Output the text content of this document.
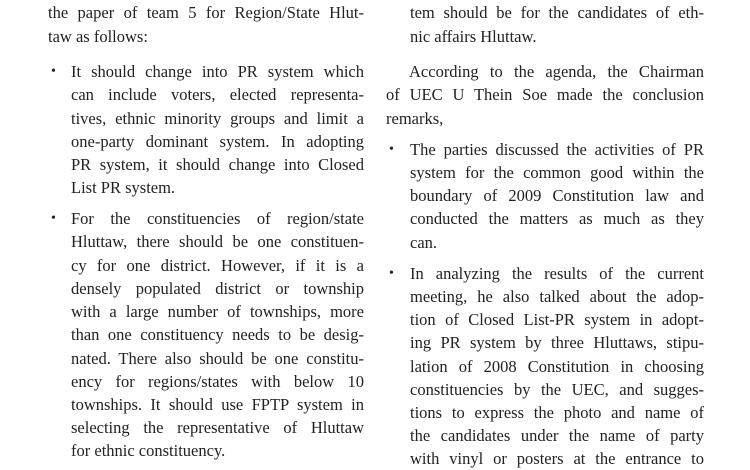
the paper of team 5 for Region/State Hlut-
taw as follows:
• It should change into PR system which
can include voters, elected representa-
tives, ethnic minority groups and limit a
one-party dominant system. In adopting
PR system, it should change into Closed
List PR system.
• For the constituencies of region/state
Hluttaw, there should be one constituen-
cy for one district. However, if it is a
densely populated district or township
with a large number of townships, more
than one constituency needs to be desig-
nated. There also should be one constitu-
ency for regions/states with below 10
townships. It should use FPTP system in
selecting the representative of Hluttaw
for ethnic constituency.
tem should be for the candidates of eth-
nic affairs Hluttaw.
According to the agenda, the Chairman
of UEC U Thein Soe made the conclusion
remarks,
• The parties discussed the activities of PR
system for the common good within the
boundary of 2009 Constitution law and
conducted the matters as much as they
can.
• In analyzing the results of the current
meeting, he also talked about the adop-
tion of Closed List-PR system in adopt-
ing PR system by three Hluttaws, stipu-
lation of 2008 Constitution in choosing
constituencies by the UEC, and sugges-
tions to express the photo and name of
the candidates under the name of party
with vinyl or posters at the entrance to
